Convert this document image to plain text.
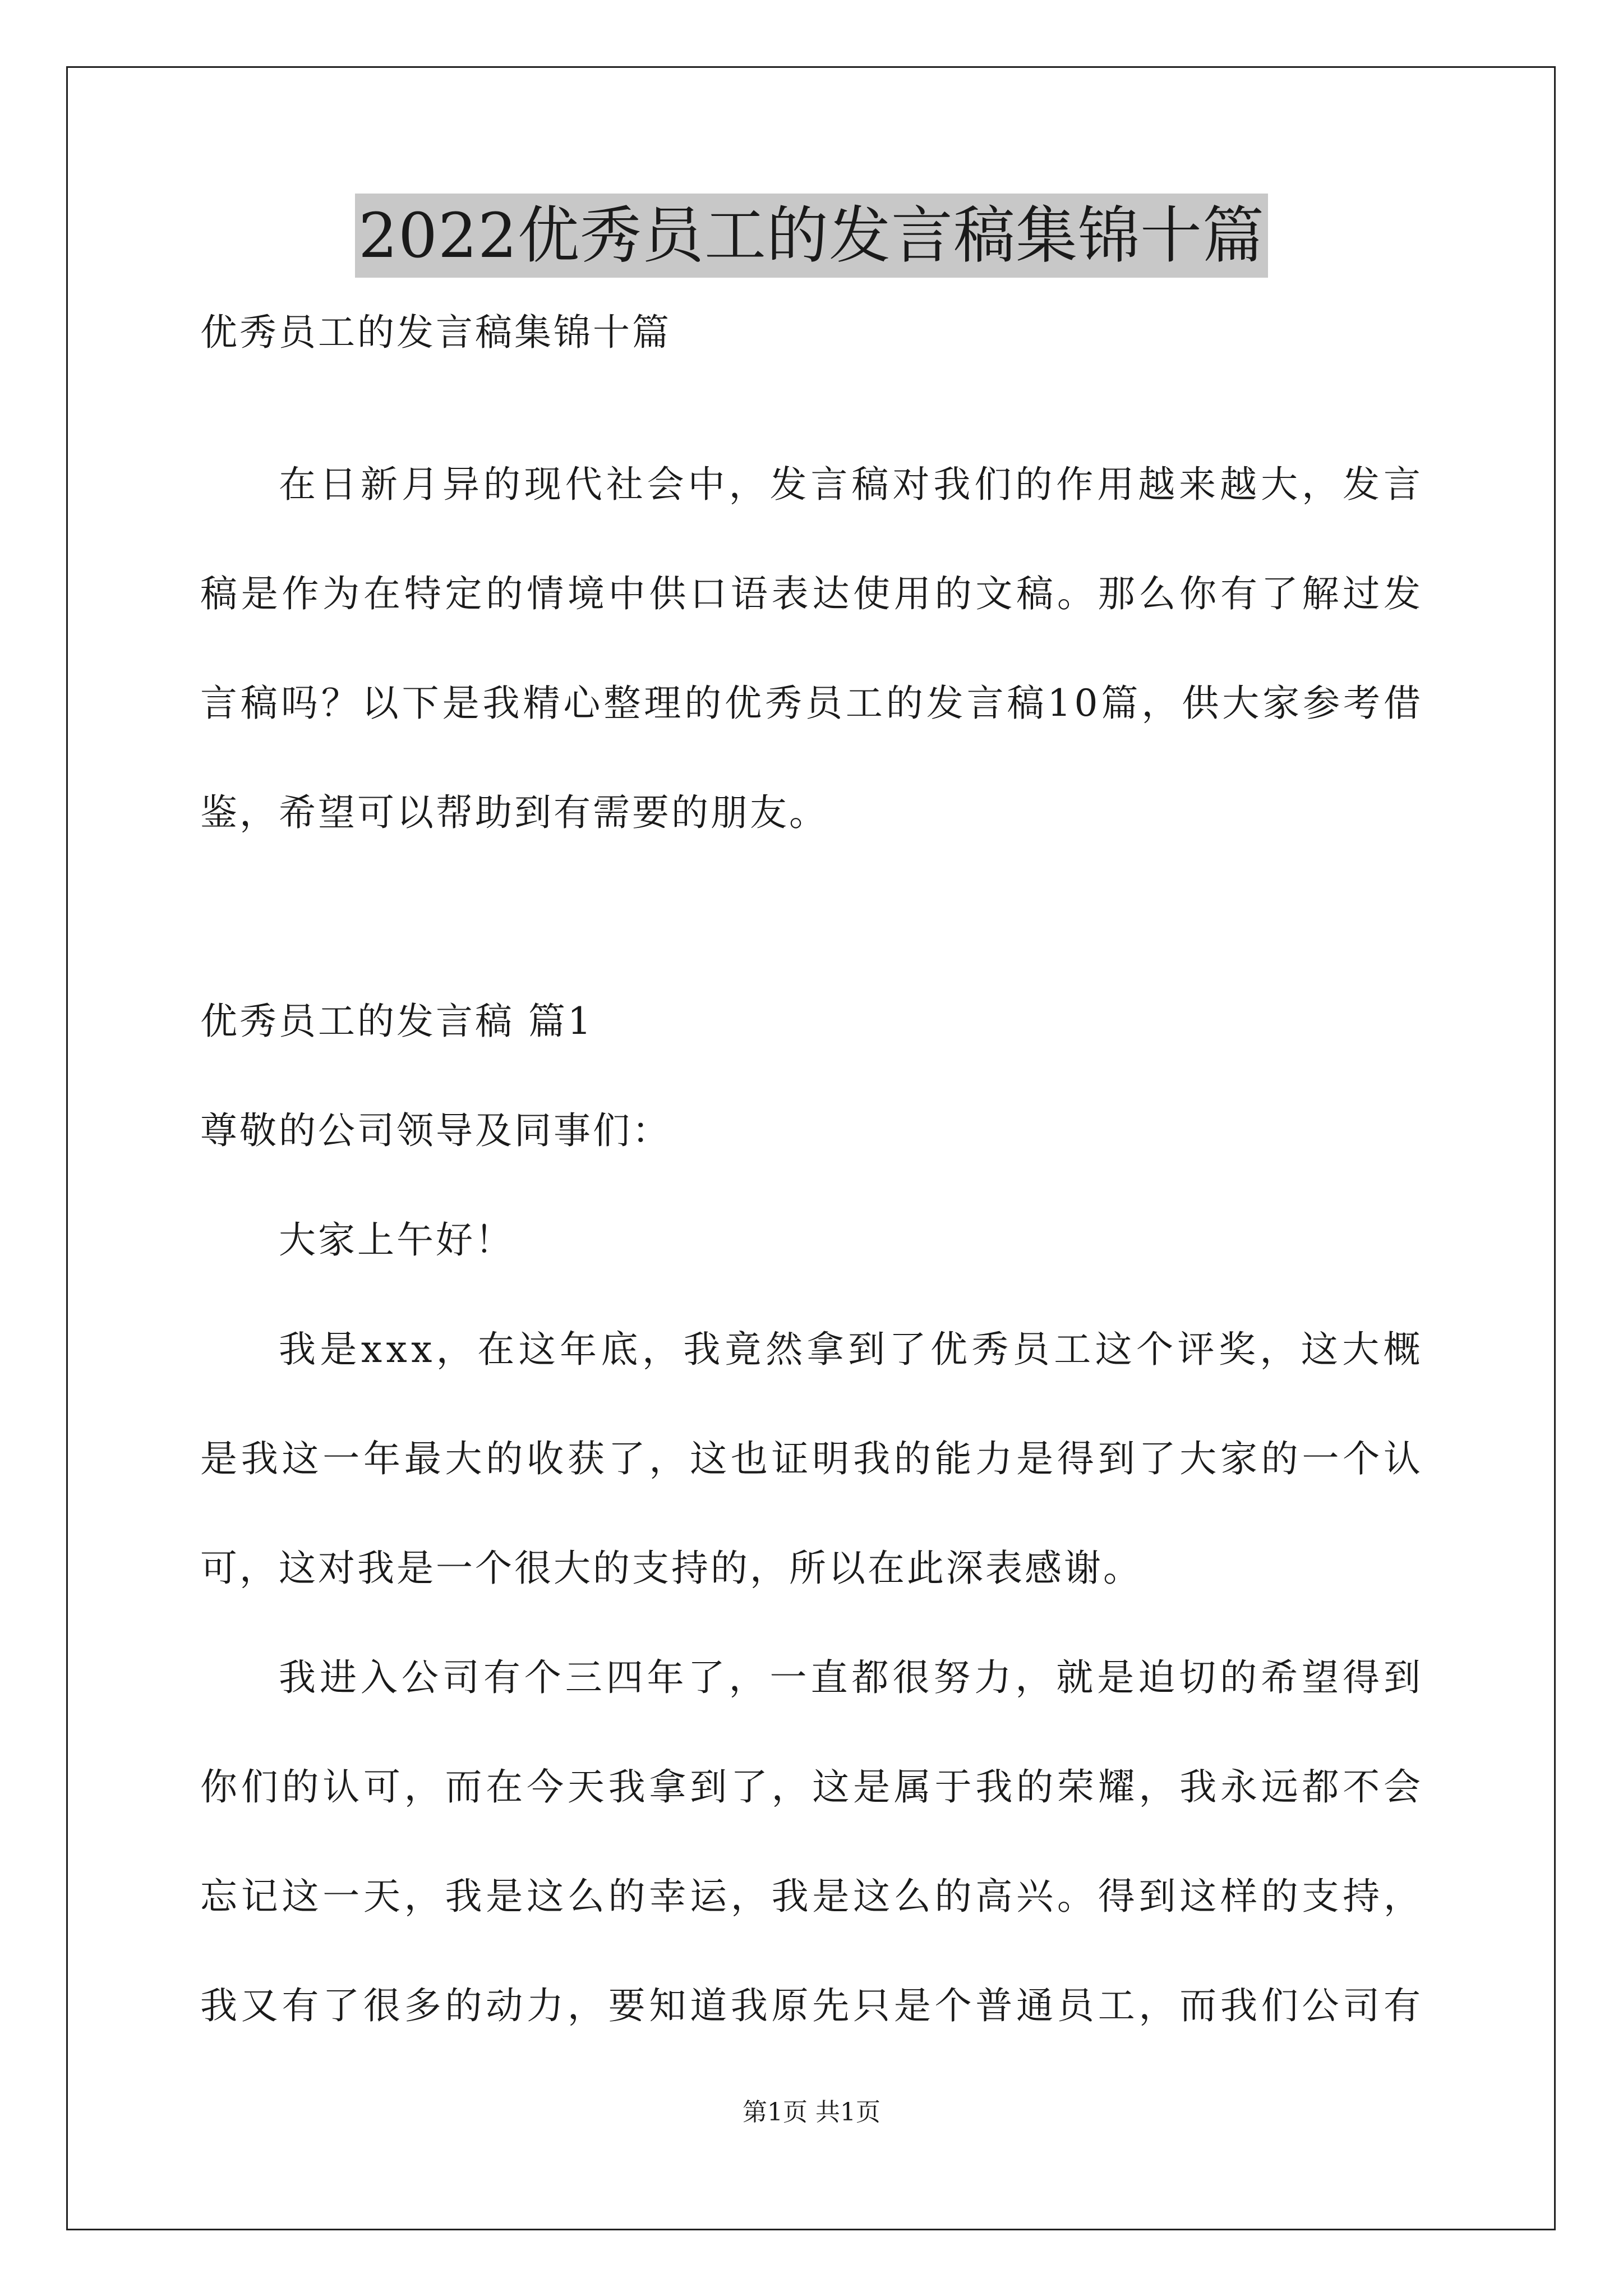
2022优秀员工的发言稿集锦十篇
优秀员工的发言稿集锦十篇
在日新月异的现代社会中，发言稿对我们的作用越来越大，发言
稿是作为在特定的情境中供口语表达使用的文稿。那么你有了解过发
言稿吗？以下是我精心整理的优秀员工的发言稿10篇，供大家参考借
鉴，希望可以帮助到有需要的朋友。
优秀员工的发言稿 篇1
尊敬的公司领导及同事们：
大家上午好！
我是xxx，在这年底，我竟然拿到了优秀员工这个评奖，这大概
是我这一年最大的收获了，这也证明我的能力是得到了大家的一个认
可，这对我是一个很大的支持的，所以在此深表感谢。
我进入公司有个三四年了，一直都很努力，就是迫切的希望得到
你们的认可，而在今天我拿到了，这是属于我的荣耀，我永远都不会
忘记这一天，我是这么的幸运，我是这么的高兴。得到这样的支持，
我又有了很多的动力，要知道我原先只是个普通员工，而我们公司有
第1页 共1页
